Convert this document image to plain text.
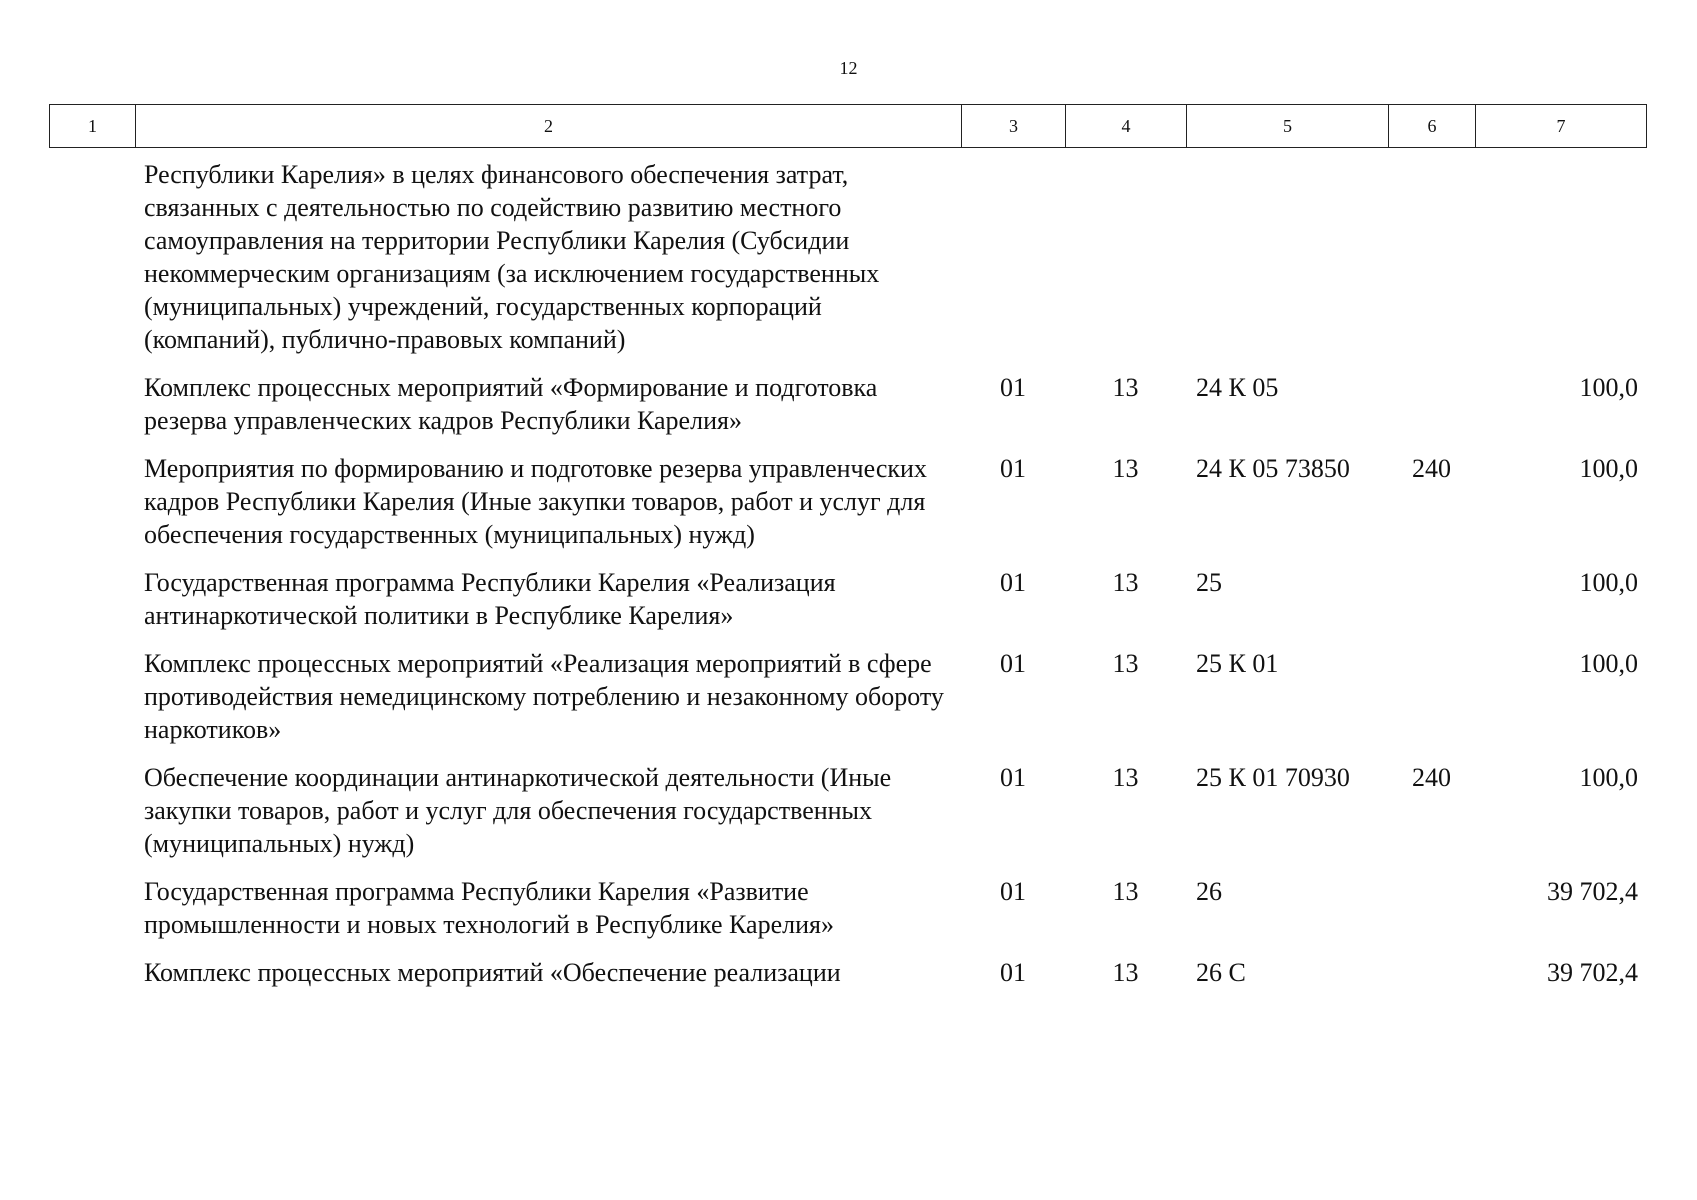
12
1	2	3	4	5	6	7
Республики Карелия» в целях финансового обеспечения затрат, связанных с деятельностью по содействию развитию местного самоуправления на территории Республики Карелия (Субсидии некоммерческим организациям (за исключением государственных (муниципальных) учреждений, государственных корпораций (компаний), публично-правовых компаний)					
Комплекс процессных мероприятий «Формирование и подготовка резерва управленческих кадров Республики Карелия»	01	13	24 К 05		100,0
Мероприятия по формированию и подготовке резерва управленческих кадров Республики Карелия (Иные закупки товаров, работ и услуг для обеспечения государственных (муниципальных) нужд)	01	13	24 К 05 73850	240	100,0
Государственная программа Республики Карелия «Реализация антинаркотической политики в Республике Карелия»	01	13	25		100,0
Комплекс процессных мероприятий «Реализация мероприятий в сфере противодействия немедицинскому потреблению и незаконному обороту наркотиков»	01	13	25 К 01		100,0
Обеспечение координации антинаркотической деятельности (Иные закупки товаров, работ и услуг для обеспечения государственных (муниципальных) нужд)	01	13	25 К 01 70930	240	100,0
Государственная программа Республики Карелия «Развитие промышленности и новых технологий в Республике Карелия»	01	13	26		39 702,4
Комплекс процессных мероприятий «Обеспечение реализации	01	13	26 С		39 702,4
